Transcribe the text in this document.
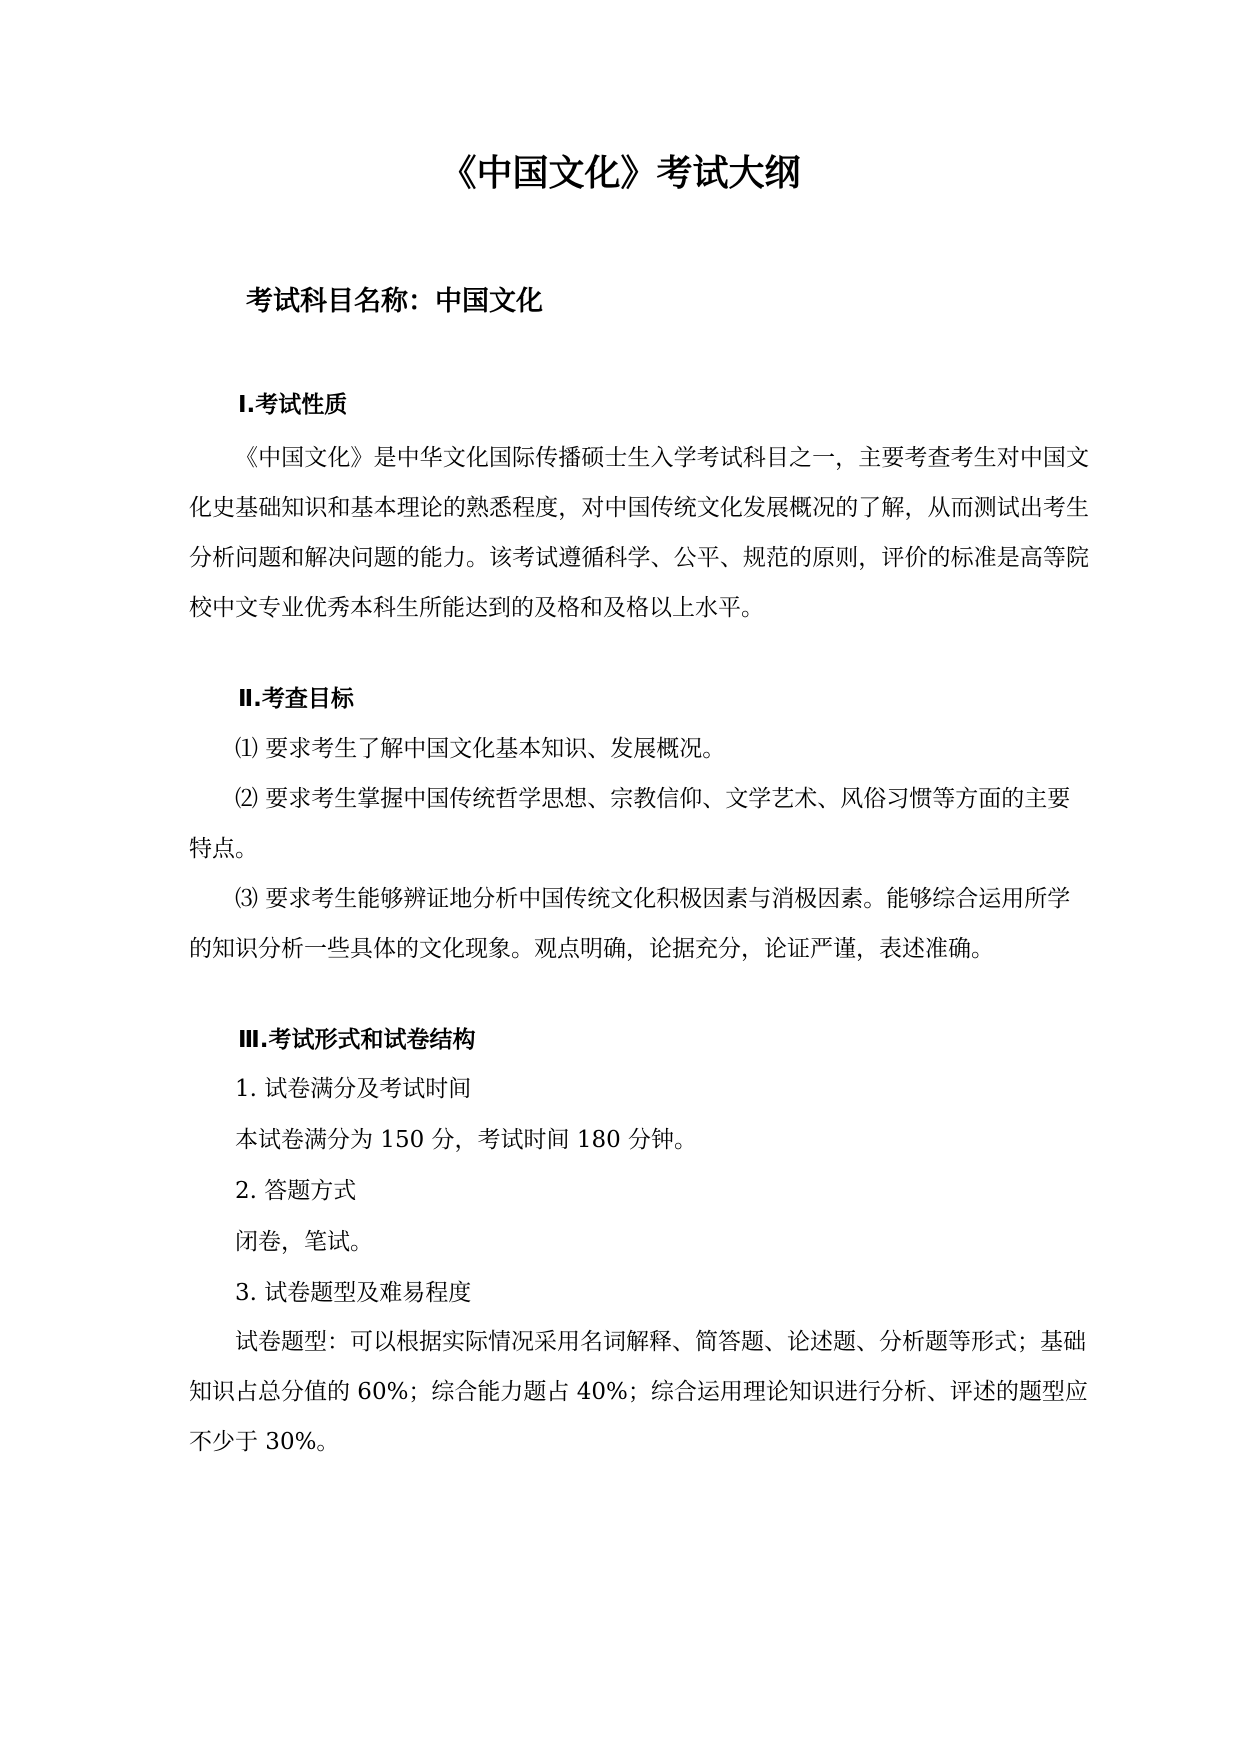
《中国文化》考试大纲
考试科目名称：中国文化
Ⅰ.考试性质

《中国文化》是中华文化国际传播硕士生入学考试科目之一，主要考查考生对中国文化史基础知识和基本理论的熟悉程度，对中国传统文化发展概况的了解，从而测试出考生分析问题和解决问题的能力。该考试遵循科学、公平、规范的原则，评价的标准是高等院校中文专业优秀本科生所能达到的及格和及格以上水平。

Ⅱ.考查目标

⑴ 要求考生了解中国文化基本知识、发展概况。

⑵ 要求考生掌握中国传统哲学思想、宗教信仰、文学艺术、风俗习惯等方面的主要特点。

⑶ 要求考生能够辨证地分析中国传统文化积极因素与消极因素。能够综合运用所学的知识分析一些具体的文化现象。观点明确，论据充分，论证严谨，表述准确。

Ⅲ.考试形式和试卷结构

1. 试卷满分及考试时间

本试卷满分为 150 分，考试时间 180 分钟。

2. 答题方式

闭卷，笔试。

3. 试卷题型及难易程度

试卷题型：可以根据实际情况采用名词解释、简答题、论述题、分析题等形式；基础知识占总分值的 60%；综合能力题占 40%；综合运用理论知识进行分析、评述的题型应不少于 30%。
